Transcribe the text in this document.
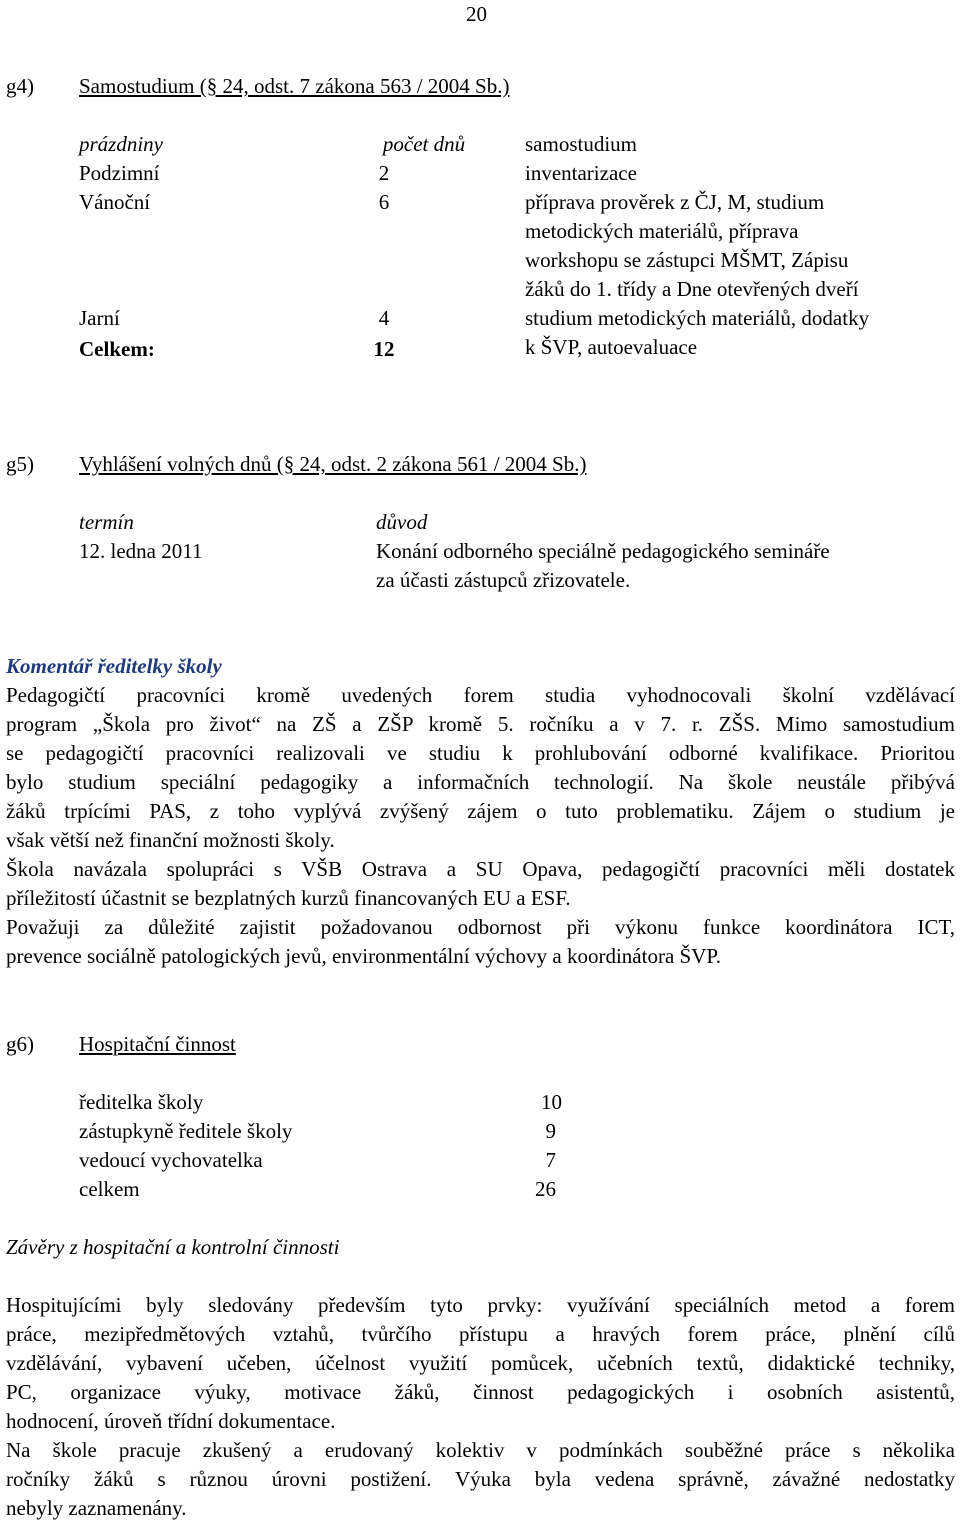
20
g4) Samostudium (§ 24, odst. 7 zákona 563 / 2004 Sb.)
prázdniny	počet dnů	samostudium
Podzimní	2	inventarizace
Vánoční	6	příprava prověrek z ČJ, M, studium
metodických materiálů, příprava
workshopu se zástupci MŠMT, Zápisu
žáků do 1. třídy a Dne otevřených dveří
Jarní	4	studium metodických materiálů, dodatky
k ŠVP, autoevaluace
Celkem:	12
g5) Vyhlášení volných dnů (§ 24, odst. 2 zákona 561 / 2004 Sb.)
termín	důvod
12. ledna 2011	Konání odborného speciálně pedagogického semináře
za účasti zástupců zřizovatele.
Komentář ředitelky školy
Pedagogičtí pracovníci kromě uvedených forem studia vyhodnocovali školní vzdělávací
program „Škola pro život“ na ZŠ a ZŠP kromě 5. ročníku a v 7. r. ZŠS. Mimo samostudium
se pedagogičtí pracovníci realizovali ve studiu k prohlubování odborné kvalifikace. Prioritou
bylo studium speciální pedagogiky a informačních technologií. Na škole neustále přibývá
žáků trpícími PAS, z toho vyplývá zvýšený zájem o tuto problematiku. Zájem o studium je
však větší než finanční možnosti školy.
Škola navázala spolupráci s VŠB Ostrava a SU Opava, pedagogičtí pracovníci měli dostatek
příležitostí účastnit se bezplatných kurzů financovaných EU a ESF.
Považuji za důležité zajistit požadovanou odbornost při výkonu funkce koordinátora ICT,
prevence sociálně patologických jevů, environmentální výchovy a koordinátora ŠVP.
g6) Hospitační činnost
ředitelka školy	10
zástupkyně ředitele školy	9
vedoucí vychovatelka	7
celkem	26
Závěry z hospitační a kontrolní činnosti
Hospitujícími byly sledovány především tyto prvky: využívání speciálních metod a forem
práce, mezipředmětových vztahů, tvůrčího přístupu a hravých forem práce, plnění cílů
vzdělávání, vybavení učeben, účelnost využití pomůcek, učebních textů, didaktické techniky,
PC, organizace výuky, motivace žáků, činnost pedagogických i osobních asistentů,
hodnocení, úroveň třídní dokumentace.
Na škole pracuje zkušený a erudovaný kolektiv v podmínkách souběžné práce s několika
ročníky žáků s různou úrovni postižení. Výuka byla vedena správně, závažné nedostatky
nebyly zaznamenány.
